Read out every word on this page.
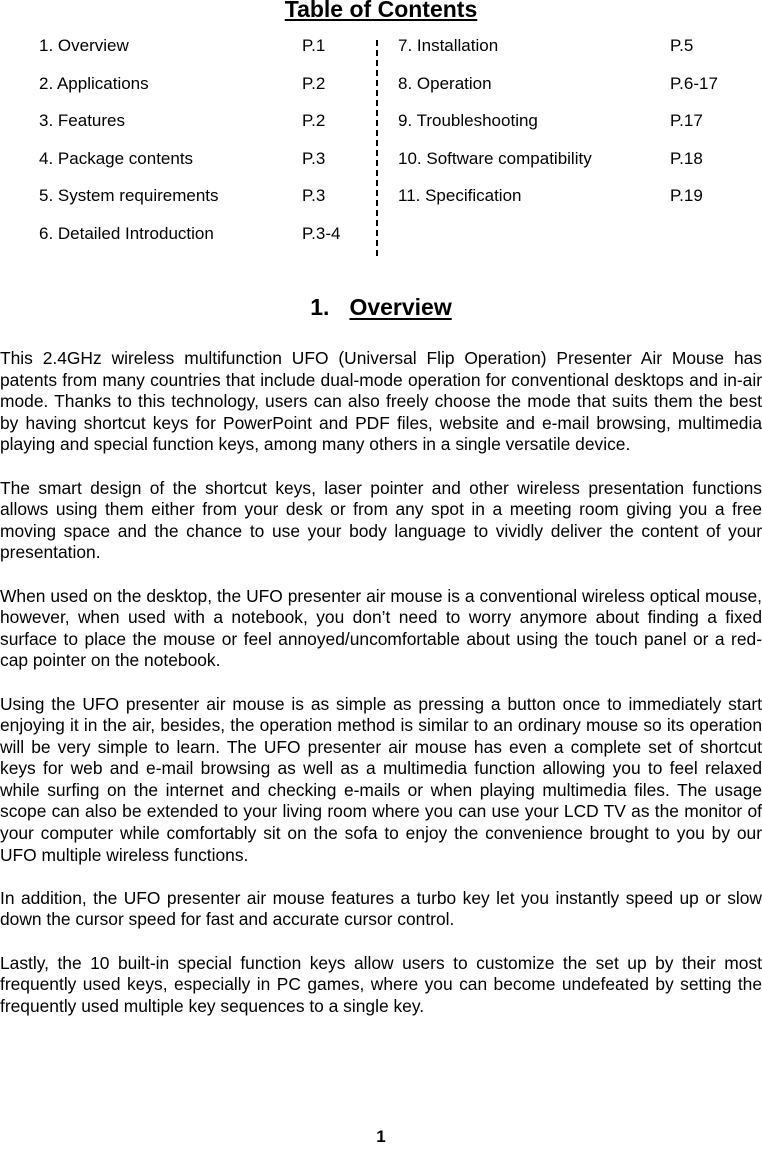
Table of Contents
1. Overview	P.1
2. Applications	P.2
3. Features	P.2
4. Package contents	P.3
5. System requirements	P.3
6. Detailed Introduction	P.3-4
7. Installation	P.5
8. Operation	P.6-17
9. Troubleshooting	P.17
10. Software compatibility	P.18
11. Specification	P.19
1. Overview

This 2.4GHz wireless multifunction UFO (Universal Flip Operation) Presenter Air Mouse has patents from many countries that include dual-mode operation for conventional desktops and in-air mode. Thanks to this technology, users can also freely choose the mode that suits them the best by having shortcut keys for PowerPoint and PDF files, website and e-mail browsing, multimedia playing and special function keys, among many others in a single versatile device.

The smart design of the shortcut keys, laser pointer and other wireless presentation functions allows using them either from your desk or from any spot in a meeting room giving you a free moving space and the chance to use your body language to vividly deliver the content of your presentation.

When used on the desktop, the UFO presenter air mouse is a conventional wireless optical mouse, however, when used with a notebook, you don’t need to worry anymore about finding a fixed surface to place the mouse or feel annoyed/uncomfortable about using the touch panel or a red-cap pointer on the notebook.

Using the UFO presenter air mouse is as simple as pressing a button once to immediately start enjoying it in the air, besides, the operation method is similar to an ordinary mouse so its operation will be very simple to learn. The UFO presenter air mouse has even a complete set of shortcut keys for web and e-mail browsing as well as a multimedia function allowing you to feel relaxed while surfing on the internet and checking e-mails or when playing multimedia files. The usage scope can also be extended to your living room where you can use your LCD TV as the monitor of your computer while comfortably sit on the sofa to enjoy the convenience brought to you by our UFO multiple wireless functions.

In addition, the UFO presenter air mouse features a turbo key let you instantly speed up or slow down the cursor speed for fast and accurate cursor control.

Lastly, the 10 built-in special function keys allow users to customize the set up by their most frequently used keys, especially in PC games, where you can become undefeated by setting the frequently used multiple key sequences to a single key.

1
